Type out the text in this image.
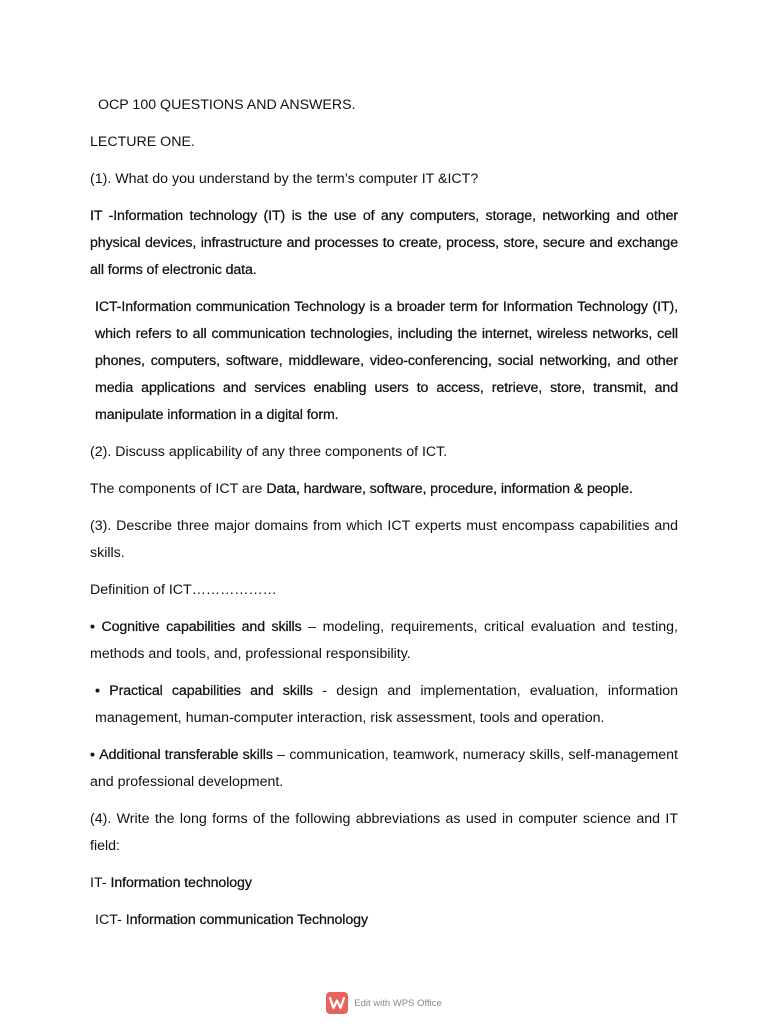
OCP 100 QUESTIONS AND ANSWERS.

LECTURE ONE.

(1). What do you understand by the term’s computer IT &ICT?

IT -Information technology (IT) is the use of any computers, storage, networking and other physical devices, infrastructure and processes to create, process, store, secure and exchange all forms of electronic data.

ICT-Information communication Technology is a broader term for Information Technology (IT), which refers to all communication technologies, including the internet, wireless networks, cell phones, computers, software, middleware, video-conferencing, social networking, and other media applications and services enabling users to access, retrieve, store, transmit, and manipulate information in a digital form.

(2). Discuss applicability of any three components of ICT.

The components of ICT are Data, hardware, software, procedure, information & people.

(3). Describe three major domains from which ICT experts must encompass capabilities and skills.

Definition of ICT………………

• Cognitive capabilities and skills – modeling, requirements, critical evaluation and testing, methods and tools, and, professional responsibility.

• Practical capabilities and skills - design and implementation, evaluation, information management, human-computer interaction, risk assessment, tools and operation.

• Additional transferable skills – communication, teamwork, numeracy skills, self-management and professional development.

(4). Write the long forms of the following abbreviations as used in computer science and IT field:

IT- Information technology

ICT- Information communication Technology

Edit with WPS Office
